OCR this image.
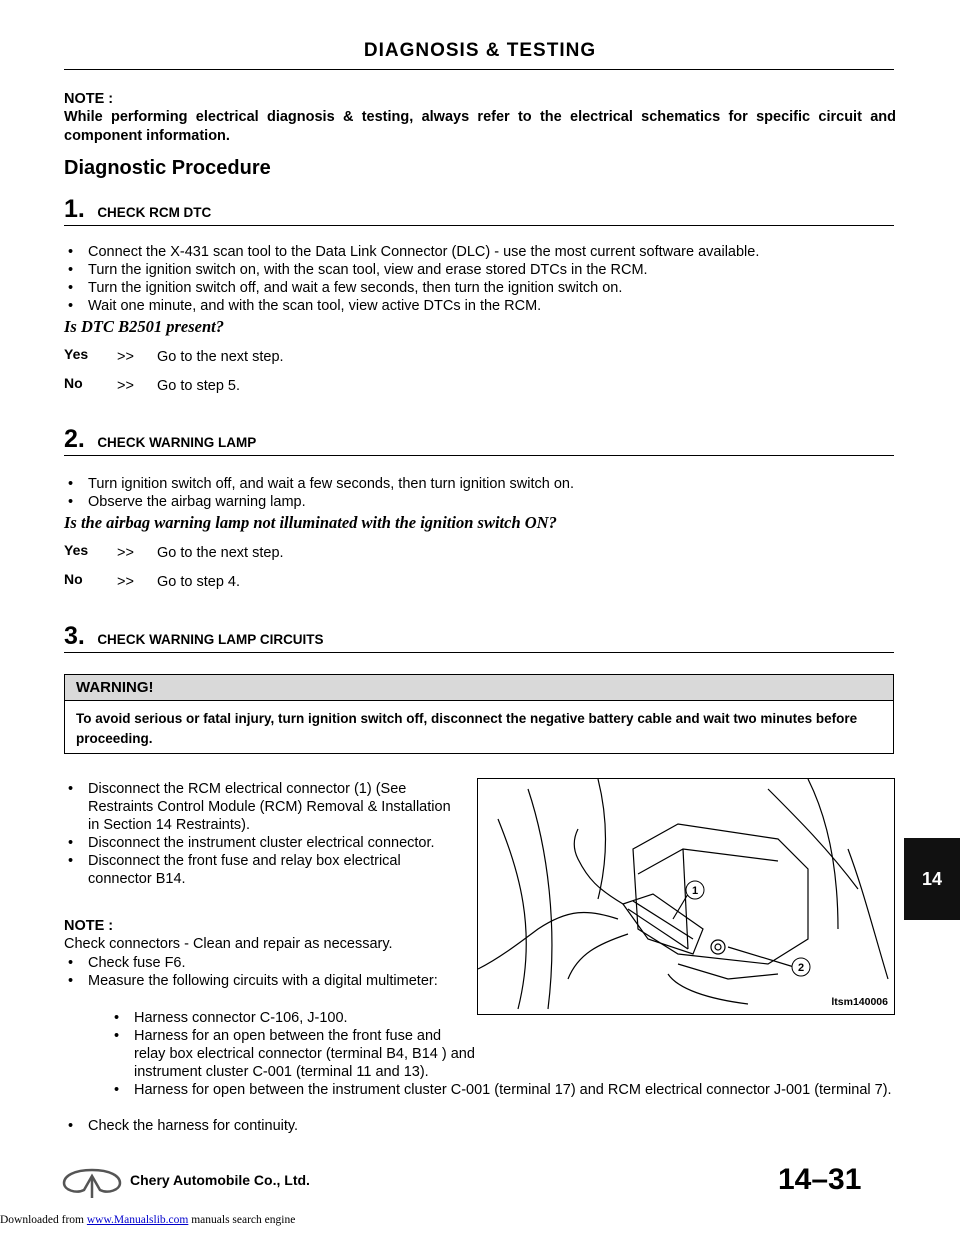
DIAGNOSIS & TESTING
NOTE :
While performing electrical diagnosis & testing, always refer to the electrical schematics for specific circuit and component information.
Diagnostic Procedure
1. CHECK RCM DTC
• Connect the X-431 scan tool to the Data Link Connector (DLC) - use the most current software available.
• Turn the ignition switch on, with the scan tool, view and erase stored DTCs in the RCM.
• Turn the ignition switch off, and wait a few seconds, then turn the ignition switch on.
• Wait one minute, and with the scan tool, view active DTCs in the RCM.
Is DTC B2501 present?
Yes >> Go to the next step.
No >> Go to step 5.
2. CHECK WARNING LAMP
• Turn ignition switch off, and wait a few seconds, then turn ignition switch on.
• Observe the airbag warning lamp.
Is the airbag warning lamp not illuminated with the ignition switch ON?
Yes >> Go to the next step.
No >> Go to step 4.
3. CHECK WARNING LAMP CIRCUITS
WARNING!
To avoid serious or fatal injury, turn ignition switch off, disconnect the negative battery cable and wait two minutes before proceeding.
• Disconnect the RCM electrical connector (1) (See Restraints Control Module (RCM) Removal & Installation in Section 14 Restraints).
• Disconnect the instrument cluster electrical connector.
• Disconnect the front fuse and relay box electrical connector B14.
NOTE :
Check connectors - Clean and repair as necessary.
• Check fuse F6.
• Measure the following circuits with a digital multimeter:
• Harness connector C-106, J-100.
• Harness for an open between the front fuse and relay box electrical connector (terminal B4, B14 ) and instrument cluster C-001 (terminal 11 and 13).
• Harness for open between the instrument cluster C-001 (terminal 17) and RCM electrical connector J-001 (terminal 7).
• Check the harness for continuity.
1
2
ltsm140006
14
Chery Automobile Co., Ltd.	14–31
Downloaded from www.Manualslib.com manuals search engine
